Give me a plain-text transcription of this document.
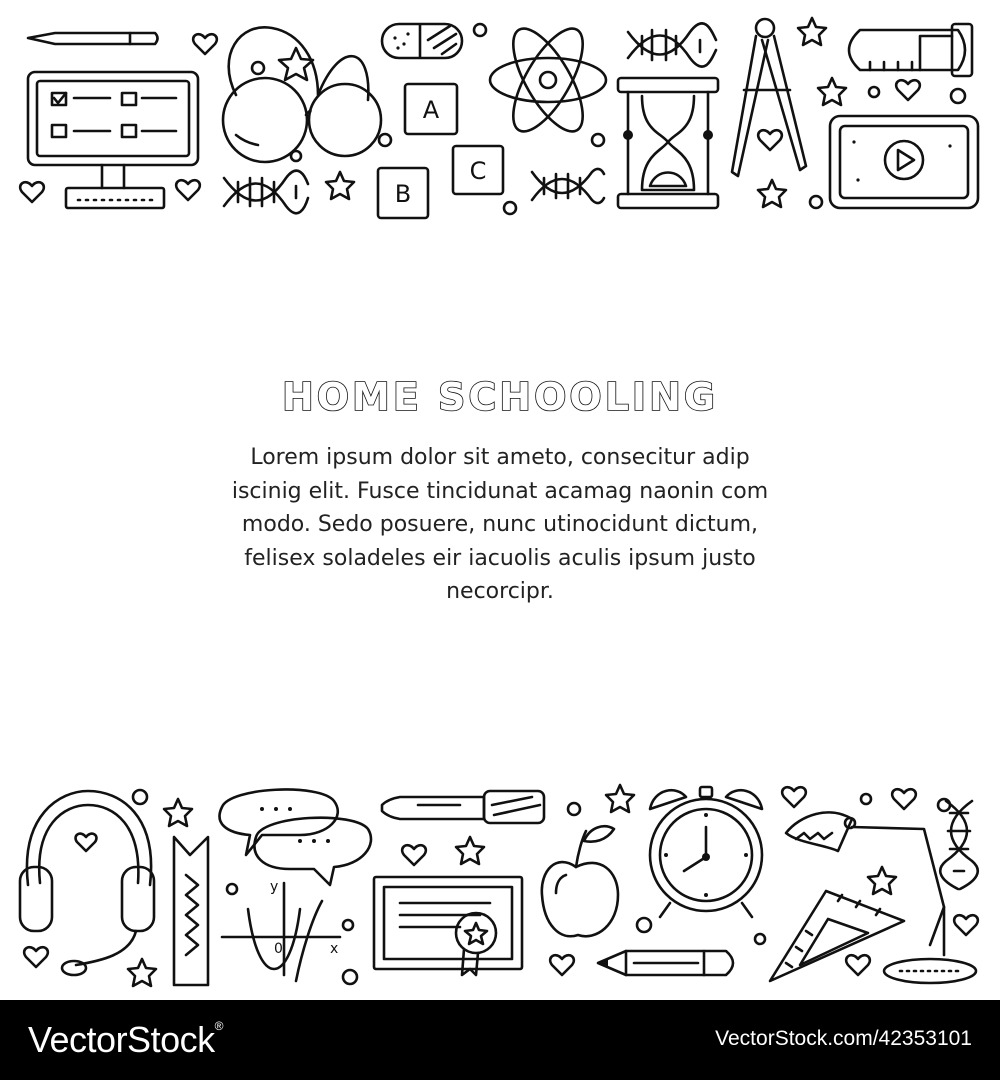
A
C
B
HOME SCHOOLING

Lorem ipsum dolor sit ameto, consecitur adip iscinig elit. Fusce tincidunat acamag naonin com modo. Sedo posuere, nunc utinocidunt dictum, felisex soladeles eir iacuolis aculis ipsum justo necorcipr.

y
x
0
VectorStock®
VectorStock.com/42353101
